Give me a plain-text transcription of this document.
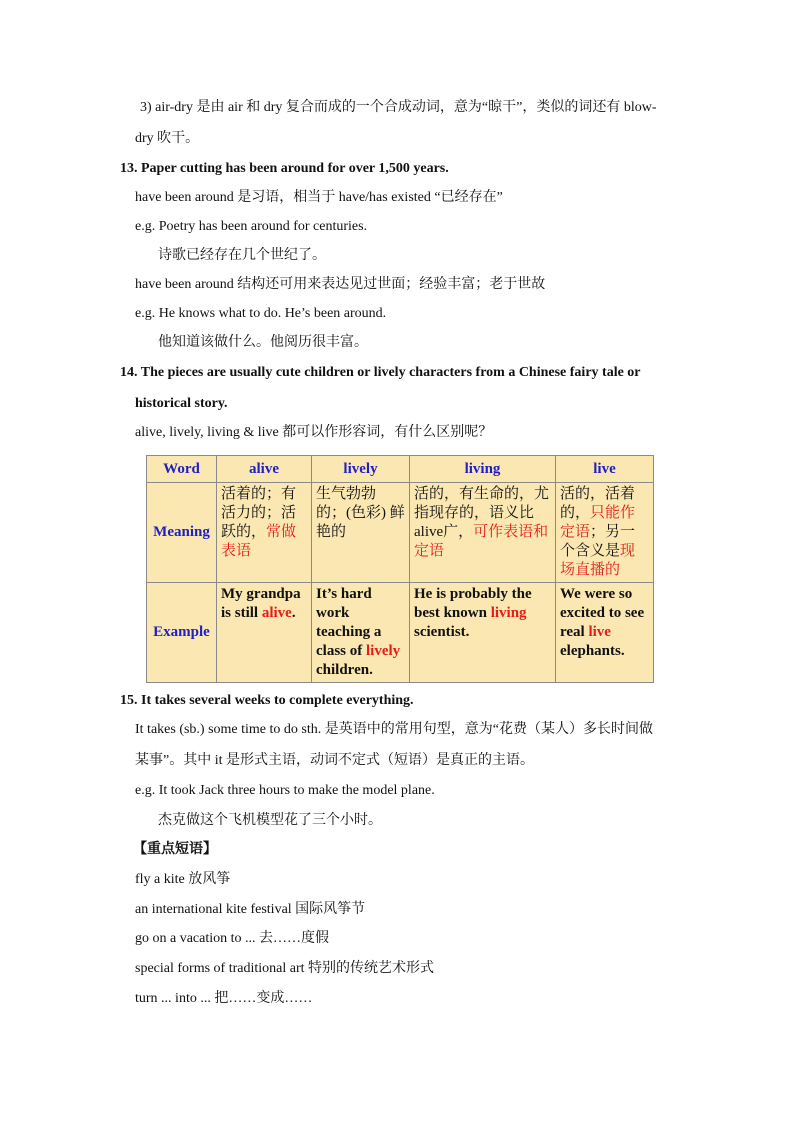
3) air-dry 是由 air 和 dry 复合而成的一个合成动词，意为“晾干”，类似的词还有 blow-
dry 吹干。
13. Paper cutting has been around for over 1,500 years.
have been around 是习语，相当于 have/has existed “已经存在”
e.g. Poetry has been around for centuries.
诗歌已经存在几个世纪了。
have been around 结构还可用来表达见过世面；经验丰富；老于世故
e.g. He knows what to do. He’s been around.
他知道该做什么。他阅历很丰富。
14. The pieces are usually cute children or lively characters from a Chinese fairy tale or
historical story.
alive, lively, living & live 都可以作形容词，有什么区别呢？
15. It takes several weeks to complete everything.
It takes (sb.) some time to do sth. 是英语中的常用句型，意为“花费（某人）多长时间做
某事”。其中 it 是形式主语，动词不定式（短语）是真正的主语。
e.g. It took Jack three hours to make the model plane.
杰克做这个飞机模型花了三个小时。
【重点短语】
fly a kite 放风筝
an international kite festival 国际风筝节
go on a vacation to ... 去……度假
special forms of traditional art 特别的传统艺术形式
turn ... into ... 把……变成……
Word	alive	lively	living	live
Meaning	活着的；有活力的；活跃的，常做表语	生气勃勃的；(色彩) 鲜艳的	活的，有生命的，尤指现存的，语义比alive广，可作表语和定语	活的，活着的，只能作定语；另一个含义是现场直播的
Example	My grandpa is still alive.	It’s hard work teaching a class of lively children.	He is probably the best known living scientist.	We were so excited to see real live elephants.
